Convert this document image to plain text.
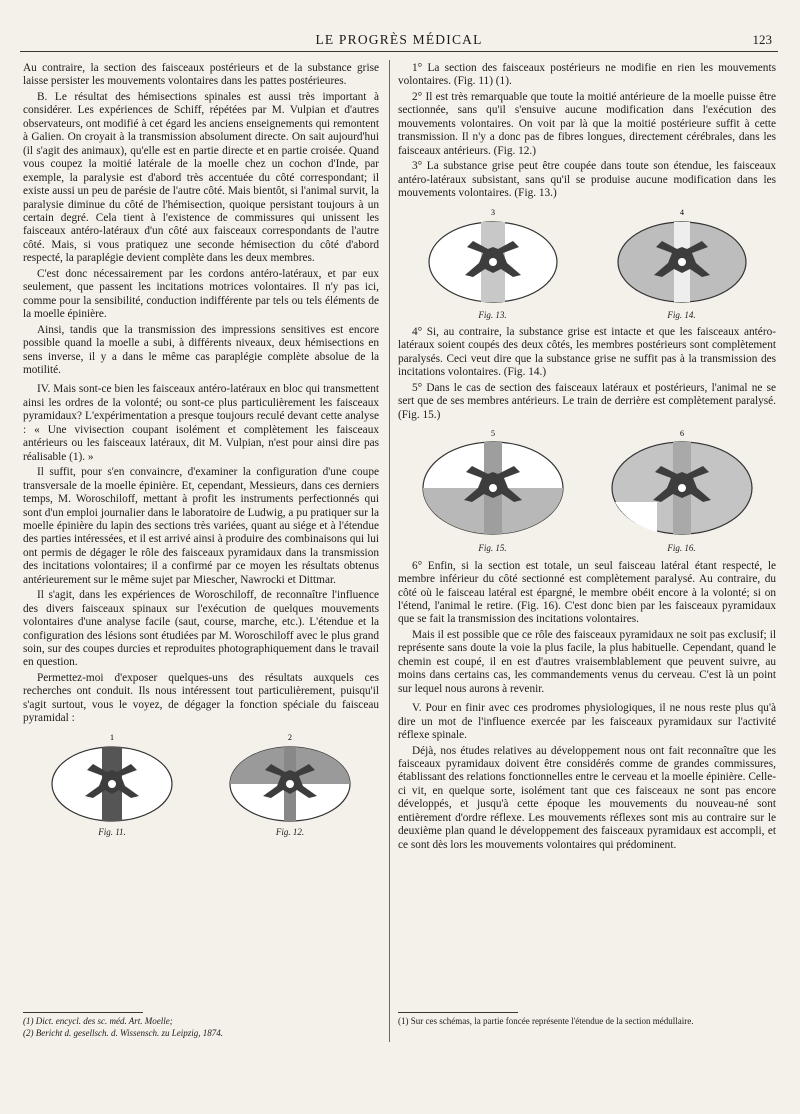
LE PROGRÈS MÉDICAL	123

Au contraire, la section des faisceaux postérieurs et de la substance grise laisse persister les mouvements volontaires dans les pattes postérieures.

B. Le résultat des hémisections spinales est aussi très important à considérer. Les expériences de Schiff, répétées par M. Vulpian et d'autres observateurs, ont modifié à cet égard les anciens enseignements qui remontent à Galien. On croyait à la transmission absolument directe. On sait aujourd'hui (il s'agit des animaux), qu'elle est en partie directe et en partie croisée. Quand vous coupez la moitié latérale de la moelle chez un cochon d'Inde, par exemple, la paralysie est d'abord très accentuée du côté correspondant; il existe aussi un peu de parésie de l'autre côté. Mais bientôt, si l'animal survit, la paralysie diminue du côté de l'hémisection, quoique persistant toujours à un certain degré. Cela tient à l'existence de commissures qui unissent les faisceaux antéro-latéraux d'un côté aux faisceaux correspondants de l'autre côté. Mais, si vous pratiquez une seconde hémisection du côté d'abord respecté, la paraplégie devient complète dans les deux membres.

C'est donc nécessairement par les cordons antéro-latéraux, et par eux seulement, que passent les incitations motrices volontaires. Il n'y pas ici, comme pour la sensibilité, conduction indifférente par tels ou tels éléments de la moelle épinière.

Ainsi, tandis que la transmission des impressions sensitives est encore possible quand la moelle a subi, à différents niveaux, deux hémisections en sens inverse, il y a dans le même cas paraplégie complète absolue de la motilité.

IV. Mais sont-ce bien les faisceaux antéro-latéraux en bloc qui transmettent ainsi les ordres de la volonté; ou sont-ce plus particulièrement les faisceaux pyramidaux? L'expérimentation a presque toujours reculé devant cette analyse : « Une vivisection coupant isolément et complètement les faisceaux antérieurs ou les faisceaux latéraux, dit M. Vulpian, n'est pour ainsi dire pas réalisable (1). »

Il suffit, pour s'en convaincre, d'examiner la configuration d'une coupe transversale de la moelle épinière. Et, cependant, Messieurs, dans ces derniers temps, M. Woroschiloff, mettant à profit les instruments perfectionnés qui sont d'un emploi journalier dans le laboratoire de Ludwig, a pu pratiquer sur la moelle épinière du lapin des sections très variées, quant au siége et à l'étendue des parties intéressées, et il est arrivé ainsi à produire des combinaisons qui lui ont permis de dégager le rôle des faisceaux pyramidaux dans la transmission des incitations volontaires; il a confirmé par ce moyen les résultats obtenus antérieurement sur le même sujet par Miescher, Nawrocki et Dittmar.

Il s'agit, dans les expériences de Woroschiloff, de reconnaître l'influence des divers faisceaux spinaux sur l'exécution de quelques mouvements volontaires d'une analyse facile (saut, course, marche, etc.). L'étendue et la configuration des lésions sont étudiées par M. Woroschiloff avec le plus grand soin, sur des coupes durcies et reproduites photographiquement dans le travail en question.

Permettez-moi d'exposer quelques-uns des résultats auxquels ces recherches ont conduit. Ils nous intéressent tout particulièrement, puisqu'il s'agit surtout, vous le voyez, de dégager la fonction spéciale du faisceau pyramidal :

1
Fig. 11.
2
Fig. 12.

1° La section des faisceaux postérieurs ne modifie en rien les mouvements volontaires. (Fig. 11) (1).

2° Il est très remarquable que toute la moitié antérieure de la moelle puisse être sectionnée, sans qu'il s'ensuive aucune modification dans l'exécution des mouvements volontaires. On voit par là que la moitié postérieure suffit à cette transmission. Il n'y a donc pas de fibres longues, directement cérébrales, dans les faisceaux antérieurs. (Fig. 12.)

3° La substance grise peut être coupée dans toute son étendue, les faisceaux antéro-latéraux subsistant, sans qu'il se produise aucune modification dans les mouvements volontaires. (Fig. 13.)

3
Fig. 13.
4
Fig. 14.

4° Si, au contraire, la substance grise est intacte et que les faisceaux antéro-latéraux soient coupés des deux côtés, les membres postérieurs sont complètement paralysés. Ceci veut dire que la substance grise ne suffit pas à la transmission des incitations volontaires. (Fig. 14.)

5° Dans le cas de section des faisceaux latéraux et postérieurs, l'animal ne se sert que de ses membres antérieurs. Le train de derrière est complètement paralysé. (Fig. 15.)

5
Fig. 15.
6
Fig. 16.

6° Enfin, si la section est totale, un seul faisceau latéral étant respecté, le membre inférieur du côté sectionné est complètement paralysé. Au contraire, du côté où le faisceau latéral est épargné, le membre obéit encore à la volonté; si on l'étend, l'animal le retire. (Fig. 16). C'est donc bien par les faisceaux pyramidaux que se fait la transmission des incitations volontaires.

Mais il est possible que ce rôle des faisceaux pyramidaux ne soit pas exclusif; il représente sans doute la voie la plus facile, la plus habituelle. Cependant, quand le chemin est coupé, il en est d'autres vraisemblablement que peuvent suivre, au moins dans certains cas, les commandements venus du cerveau. C'est là un point sur lequel nous aurons à revenir.

V. Pour en finir avec ces prodromes physiologiques, il ne nous reste plus qu'à dire un mot de l'influence exercée par les faisceaux pyramidaux sur l'activité réflexe spinale.

Déjà, nos études relatives au développement nous ont fait reconnaître que les faisceaux pyramidaux doivent être considérés comme de grandes commissures, établissant des relations fonctionnelles entre le cerveau et la moelle épinière. Celle-ci vit, en quelque sorte, isolément tant que ces faisceaux ne sont pas encore développés, et jusqu'à cette époque les mouvements du nouveau-né sont entièrement d'ordre réflexe. Les mouvements réflexes sont mis au contraire sur le deuxième plan quand le développement des faisceaux pyramidaux est accompli, et ce sont dès lors les mouvements volontaires qui prédominent.

(1) Dict. encycl. des sc. méd. Art. Moelle;
(2) Bericht d. gesellsch. d. Wissensch. zu Leipzig, 1874.
(1) Sur ces schémas, la partie foncée représente l'étendue de la section médullaire.
